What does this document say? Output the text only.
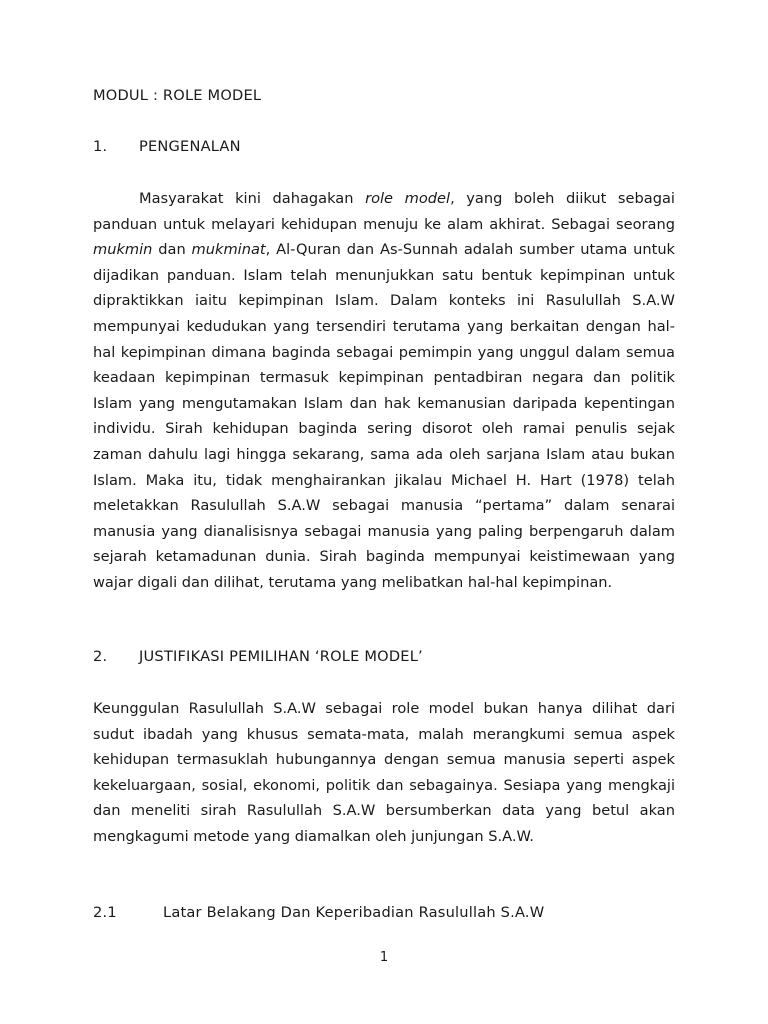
MODUL : ROLE MODEL
1. PENGENALAN

Masyarakat kini dahagakan role model, yang boleh diikut sebagai panduan untuk melayari kehidupan menuju ke alam akhirat. Sebagai seorang mukmin dan mukminat, Al-Quran dan As-Sunnah adalah sumber utama untuk dijadikan panduan. Islam telah menunjukkan satu bentuk kepimpinan untuk dipraktikkan iaitu kepimpinan Islam. Dalam konteks ini Rasulullah S.A.W mempunyai kedudukan yang tersendiri terutama yang berkaitan dengan hal-hal kepimpinan dimana baginda sebagai pemimpin yang unggul dalam semua keadaan kepimpinan termasuk kepimpinan pentadbiran negara dan politik Islam yang mengutamakan Islam dan hak kemanusian daripada kepentingan individu. Sirah kehidupan baginda sering disorot oleh ramai penulis sejak zaman dahulu lagi hingga sekarang, sama ada oleh sarjana Islam atau bukan Islam. Maka itu, tidak menghairankan jikalau Michael H. Hart (1978) telah meletakkan Rasulullah S.A.W sebagai manusia “pertama” dalam senarai manusia yang dianalisisnya sebagai manusia yang paling berpengaruh dalam sejarah ketamadunan dunia. Sirah baginda mempunyai keistimewaan yang wajar digali dan dilihat, terutama yang melibatkan hal-hal kepimpinan.

2. JUSTIFIKASI PEMILIHAN ‘ROLE MODEL’

Keunggulan Rasulullah S.A.W sebagai role model bukan hanya dilihat dari sudut ibadah yang khusus semata-mata, malah merangkumi semua aspek kehidupan termasuklah hubungannya dengan semua manusia seperti aspek kekeluargaan, sosial, ekonomi, politik dan sebagainya. Sesiapa yang mengkaji dan meneliti sirah Rasulullah S.A.W bersumberkan data yang betul akan mengkagumi metode yang diamalkan oleh junjungan S.A.W.

2.1	Latar Belakang Dan Keperibadian Rasulullah S.A.W
1
